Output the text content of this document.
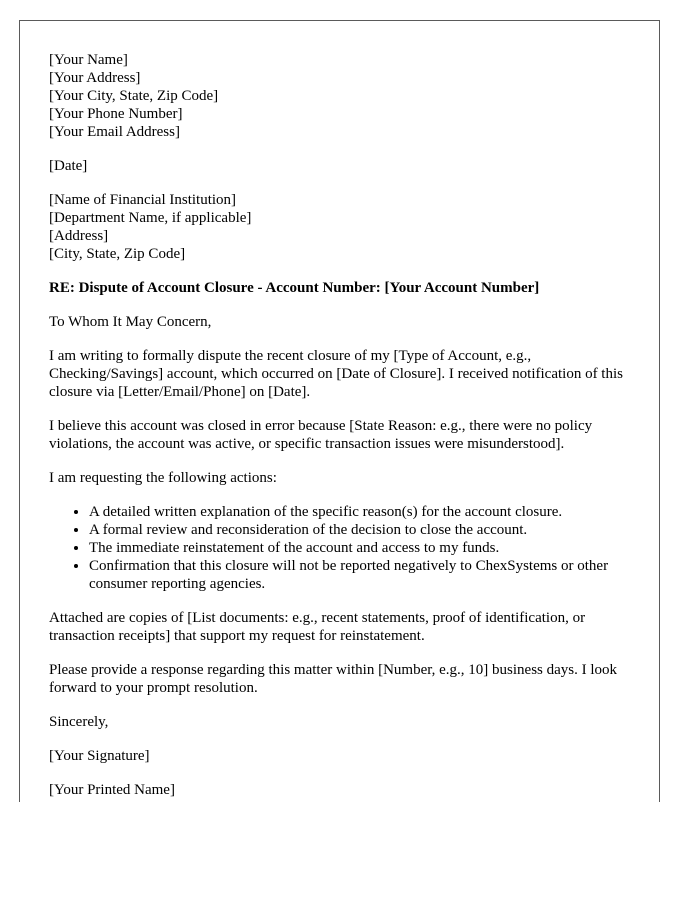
[Your Name]
[Your Address]
[Your City, State, Zip Code]
[Your Phone Number]
[Your Email Address]
[Date]
[Name of Financial Institution]
[Department Name, if applicable]
[Address]
[City, State, Zip Code]

RE: Dispute of Account Closure - Account Number: [Your Account Number]

To Whom It May Concern,

I am writing to formally dispute the recent closure of my [Type of Account, e.g., Checking/Savings] account, which occurred on [Date of Closure]. I received notification of this closure via [Letter/Email/Phone] on [Date].

I believe this account was closed in error because [State Reason: e.g., there were no policy violations, the account was active, or specific transaction issues were misunderstood].

I am requesting the following actions:

• A detailed written explanation of the specific reason(s) for the account closure.
• A formal review and reconsideration of the decision to close the account.
• The immediate reinstatement of the account and access to my funds.
• Confirmation that this closure will not be reported negatively to ChexSystems or other consumer reporting agencies.

Attached are copies of [List documents: e.g., recent statements, proof of identification, or transaction receipts] that support my request for reinstatement.

Please provide a response regarding this matter within [Number, e.g., 10] business days. I look forward to your prompt resolution.

Sincerely,

[Your Signature]

[Your Printed Name]
